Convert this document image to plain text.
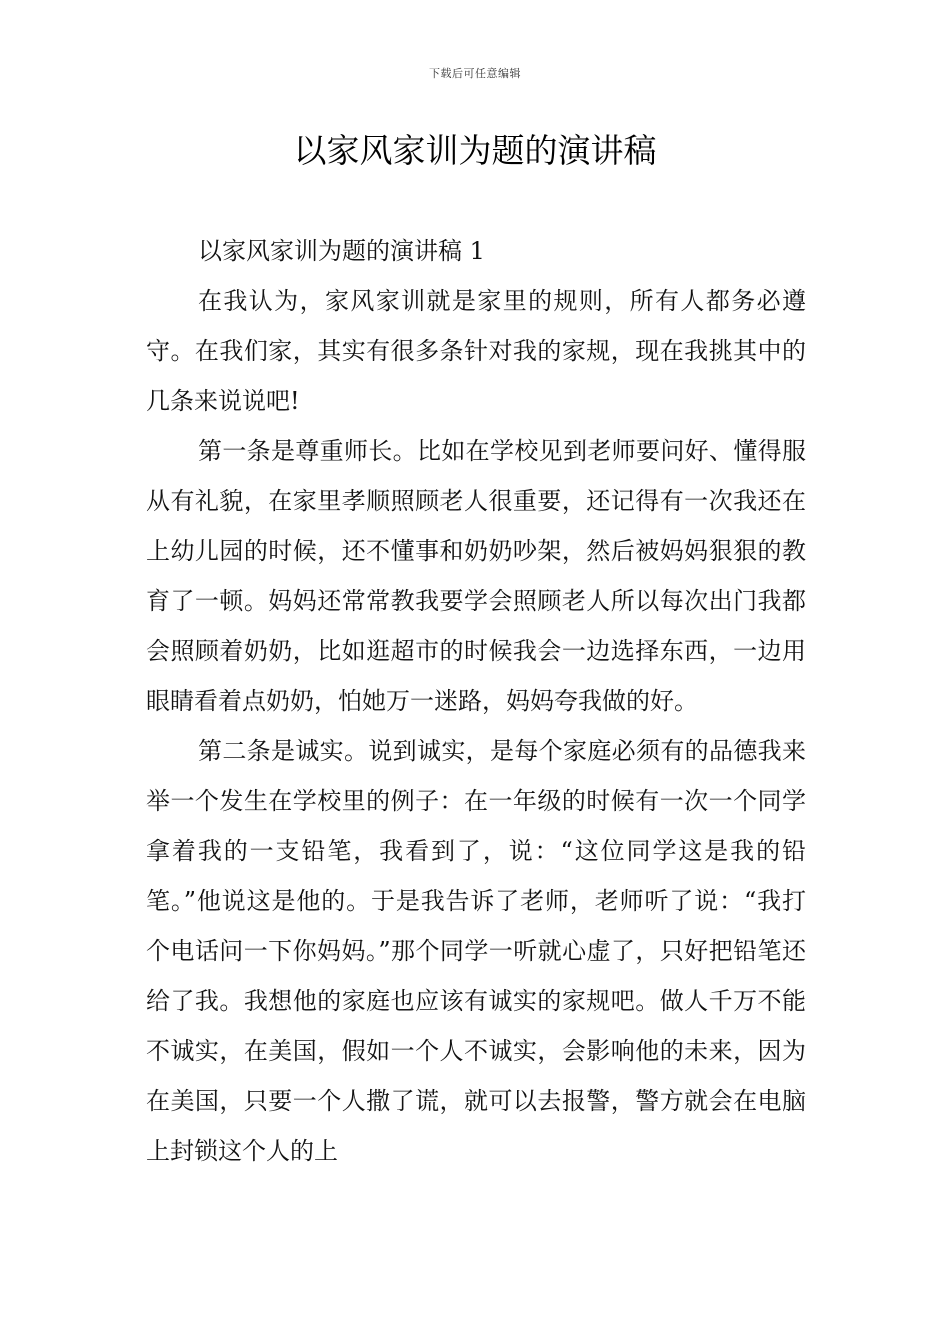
下载后可任意编辑
以家风家训为题的演讲稿

以家风家训为题的演讲稿 1

在我认为，家风家训就是家里的规则，所有人都务必遵守。在我们家，其实有很多条针对我的家规，现在我挑其中的几条来说说吧!

第一条是尊重师长。比如在学校见到老师要问好、懂得服从有礼貌，在家里孝顺照顾老人很重要，还记得有一次我还在上幼儿园的时候，还不懂事和奶奶吵架，然后被妈妈狠狠的教育了一顿。妈妈还常常教我要学会照顾老人所以每次出门我都会照顾着奶奶，比如逛超市的时候我会一边选择东西，一边用眼睛看着点奶奶，怕她万一迷路，妈妈夸我做的好。

第二条是诚实。说到诚实，是每个家庭必须有的品德我来举一个发生在学校里的例子：在一年级的时候有一次一个同学拿着我的一支铅笔，我看到了，说：“这位同学这是我的铅笔。”他说这是他的。于是我告诉了老师，老师听了说：“我打个电话问一下你妈妈。”那个同学一听就心虚了，只好把铅笔还给了我。我想他的家庭也应该有诚实的家规吧。做人千万不能不诚实，在美国，假如一个人不诚实，会影响他的未来，因为在美国，只要一个人撒了谎，就可以去报警，警方就会在电脑上封锁这个人的上
